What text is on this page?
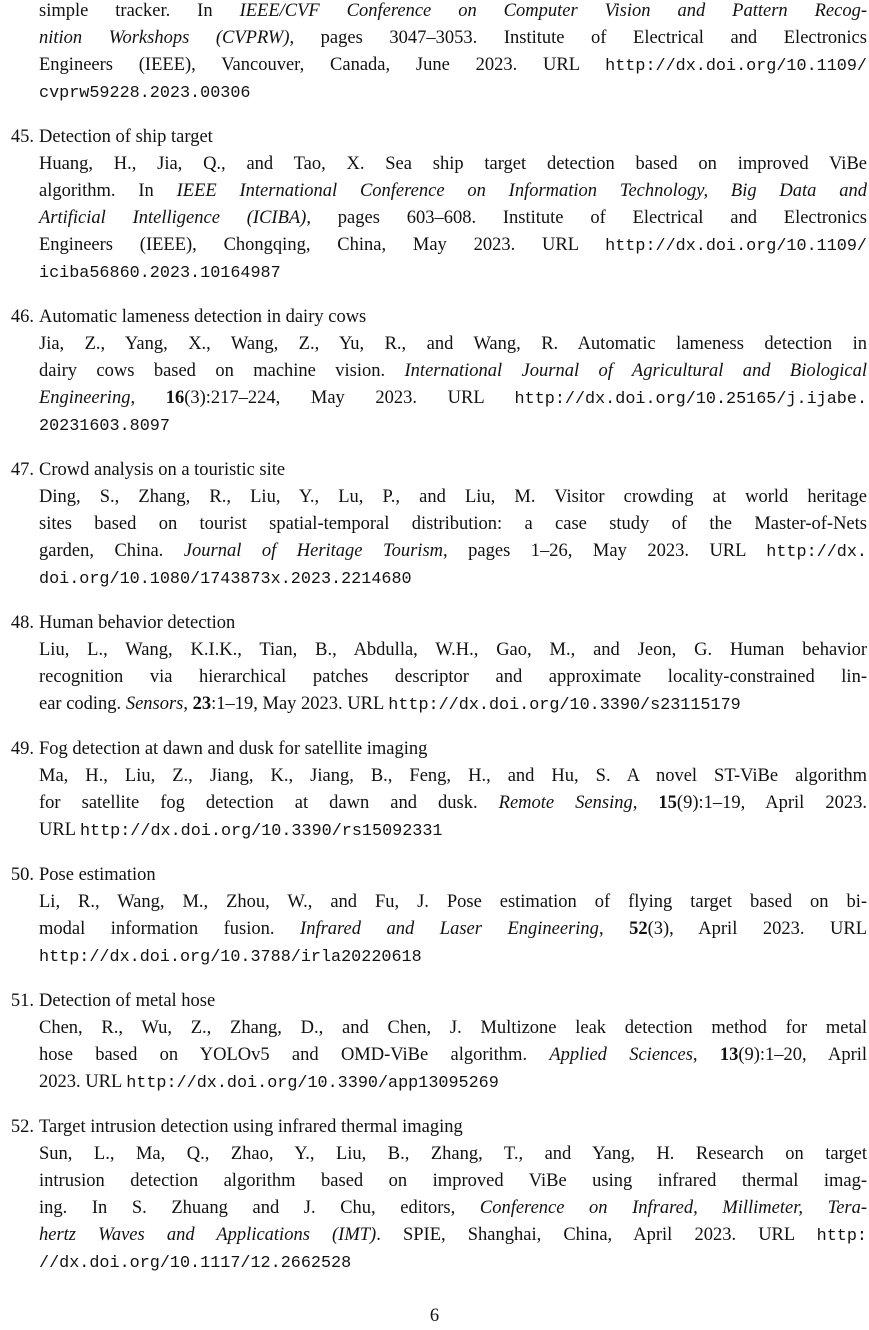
simple tracker. In IEEE/CVF Conference on Computer Vision and Pattern Recog-
nition Workshops (CVPRW), pages 3047–3053. Institute of Electrical and Electronics
Engineers (IEEE), Vancouver, Canada, June 2023. URL http://dx.doi.org/10.1109/
cvprw59228.2023.00306
45. Detection of ship target
Huang, H., Jia, Q., and Tao, X. Sea ship target detection based on improved ViBe
algorithm. In IEEE International Conference on Information Technology, Big Data and
Artificial Intelligence (ICIBA), pages 603–608. Institute of Electrical and Electronics
Engineers (IEEE), Chongqing, China, May 2023. URL http://dx.doi.org/10.1109/
iciba56860.2023.10164987
46. Automatic lameness detection in dairy cows
Jia, Z., Yang, X., Wang, Z., Yu, R., and Wang, R. Automatic lameness detection in
dairy cows based on machine vision. International Journal of Agricultural and Biological
Engineering, 16(3):217–224, May 2023. URL http://dx.doi.org/10.25165/j.ijabe.
20231603.8097
47. Crowd analysis on a touristic site
Ding, S., Zhang, R., Liu, Y., Lu, P., and Liu, M. Visitor crowding at world heritage
sites based on tourist spatial-temporal distribution: a case study of the Master-of-Nets
garden, China. Journal of Heritage Tourism, pages 1–26, May 2023. URL http://dx.
doi.org/10.1080/1743873x.2023.2214680
48. Human behavior detection
Liu, L., Wang, K.I.K., Tian, B., Abdulla, W.H., Gao, M., and Jeon, G. Human behavior
recognition via hierarchical patches descriptor and approximate locality-constrained lin-
ear coding. Sensors, 23:1–19, May 2023. URL http://dx.doi.org/10.3390/s23115179
49. Fog detection at dawn and dusk for satellite imaging
Ma, H., Liu, Z., Jiang, K., Jiang, B., Feng, H., and Hu, S. A novel ST-ViBe algorithm
for satellite fog detection at dawn and dusk. Remote Sensing, 15(9):1–19, April 2023.
URL http://dx.doi.org/10.3390/rs15092331
50. Pose estimation
Li, R., Wang, M., Zhou, W., and Fu, J. Pose estimation of flying target based on bi-
modal information fusion. Infrared and Laser Engineering, 52(3), April 2023. URL
http://dx.doi.org/10.3788/irla20220618
51. Detection of metal hose
Chen, R., Wu, Z., Zhang, D., and Chen, J. Multizone leak detection method for metal
hose based on YOLOv5 and OMD-ViBe algorithm. Applied Sciences, 13(9):1–20, April
2023. URL http://dx.doi.org/10.3390/app13095269
52. Target intrusion detection using infrared thermal imaging
Sun, L., Ma, Q., Zhao, Y., Liu, B., Zhang, T., and Yang, H. Research on target
intrusion detection algorithm based on improved ViBe using infrared thermal imag-
ing. In S. Zhuang and J. Chu, editors, Conference on Infrared, Millimeter, Tera-
hertz Waves and Applications (IMT). SPIE, Shanghai, China, April 2023. URL http:
//dx.doi.org/10.1117/12.2662528
6
